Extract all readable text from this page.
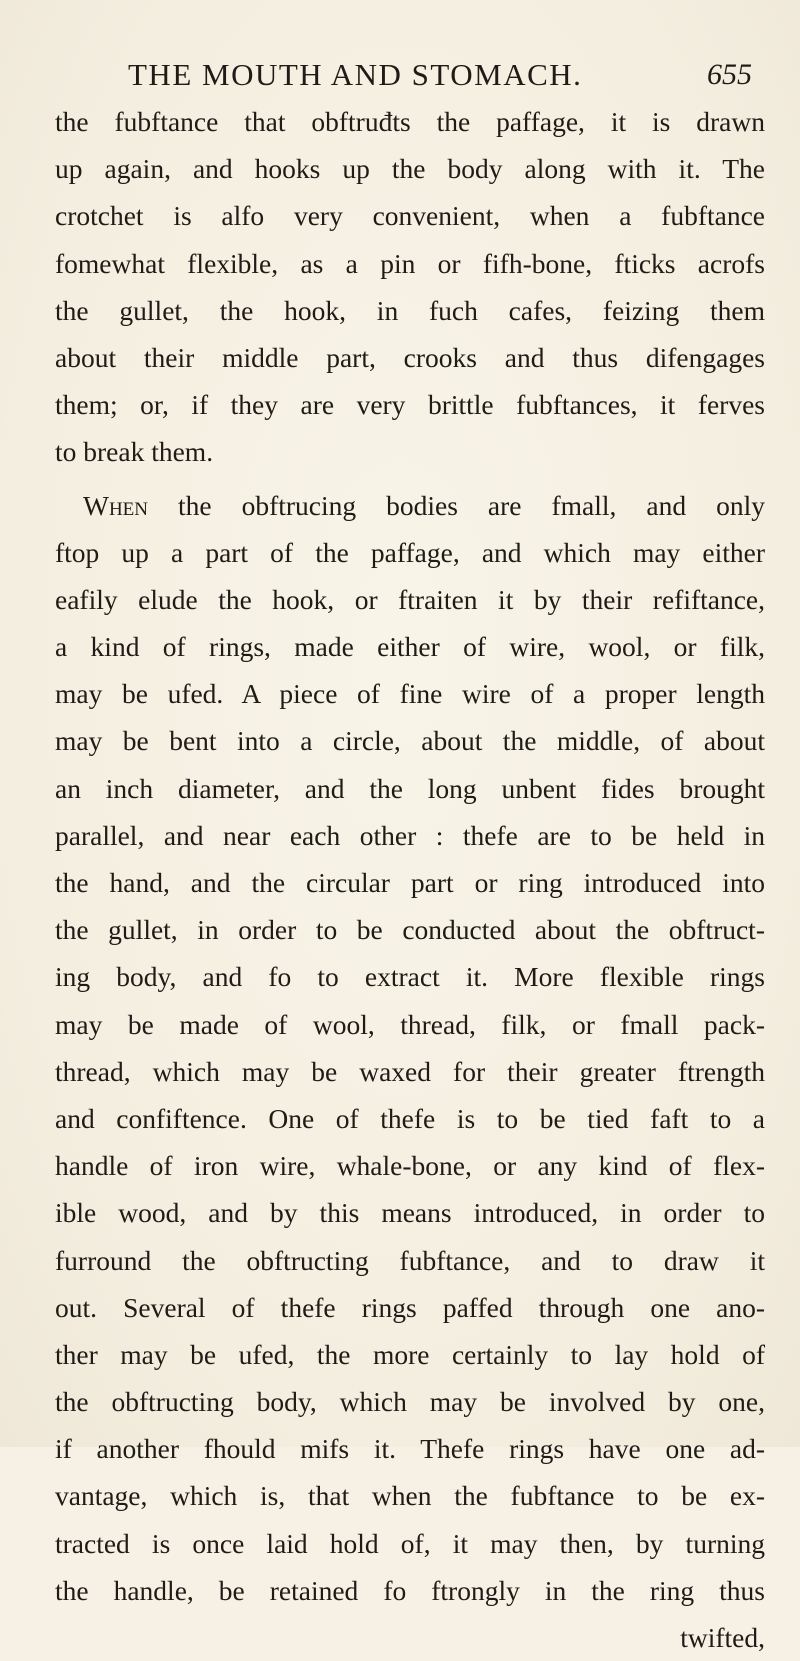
THE MOUTH AND STOMACH.	655
the fubftance that obftruđts the paffage, it is drawn
up again, and hooks up the body along with it. The
crotchet is alfo very convenient, when a fubftance
fomewhat flexible, as a pin or fifh-bone, fticks acrofs
the gullet, the hook, in fuch cafes, feizing them
about their middle part, crooks and thus difengages
them; or, if they are very brittle fubftances, it ferves
to break them.
When the obftrucing bodies are fmall, and only
ftop up a part of the paffage, and which may either
eafily elude the hook, or ftraiten it by their refiftance,
a kind of rings, made either of wire, wool, or filk,
may be ufed. A piece of fine wire of a proper length
may be bent into a circle, about the middle, of about
an inch diameter, and the long unbent fides brought
parallel, and near each other : thefe are to be held in
the hand, and the circular part or ring introduced into
the gullet, in order to be conducted about the obftruct-
ing body, and fo to extract it. More flexible rings
may be made of wool, thread, filk, or fmall pack-
thread, which may be waxed for their greater ftrength
and confiftence. One of thefe is to be tied faft to a
handle of iron wire, whale-bone, or any kind of flex-
ible wood, and by this means introduced, in order to
furround the obftructing fubftance, and to draw it
out. Several of thefe rings paffed through one ano-
ther may be ufed, the more certainly to lay hold of
the obftructing body, which may be involved by one,
if another fhould mifs it. Thefe rings have one ad-
vantage, which is, that when the fubftance to be ex-
tracted is once laid hold of, it may then, by turning
the handle, be retained fo ftrongly in the ring thus
twifted,
